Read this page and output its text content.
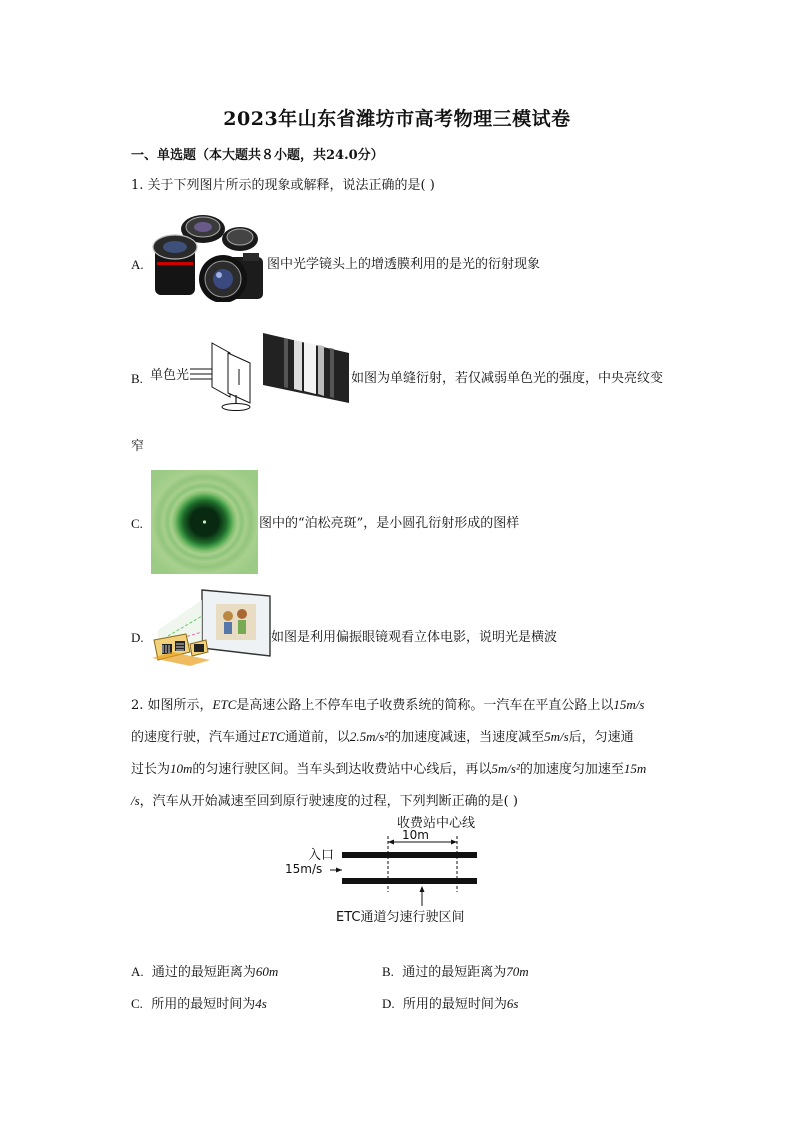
2023年山东省潍坊市高考物理三模试卷
一、单选题（本大题共８小题，共24.0分）
1. 关于下列图片所示的现象或解释，说法正确的是( )
A.	图中光学镜头上的增透膜利用的是光的衍射现象
B. 单色光	如图为单缝衍射，若仅减弱单色光的强度，中央亮纹变
窄
C.	图中的“泊松亮斑”，是小圆孔衍射形成的图样
D.	如图是利用偏振眼镜观看立体电影，说明光是横波
2. 如图所示，ETC是高速公路上不停车电子收费系统的简称。一汽车在平直公路上以15m/s
的速度行驶，汽车通过ETC通道前，以2.5m/s²的加速度减速，当速度减至5m/s后，匀速通
过长为10m的匀速行驶区间。当车头到达收费站中心线后，再以5m/s²的加速度匀加速至15m
/s，汽车从开始减速至回到原行驶速度的过程，下列判断正确的是( )
收费站中心线
10m
入口
15m/s
ETC通道匀速行驶区间
A. 通过的最短距离为60m	B. 通过的最短距离为70m
C. 所用的最短时间为4s	D. 所用的最短时间为6s
